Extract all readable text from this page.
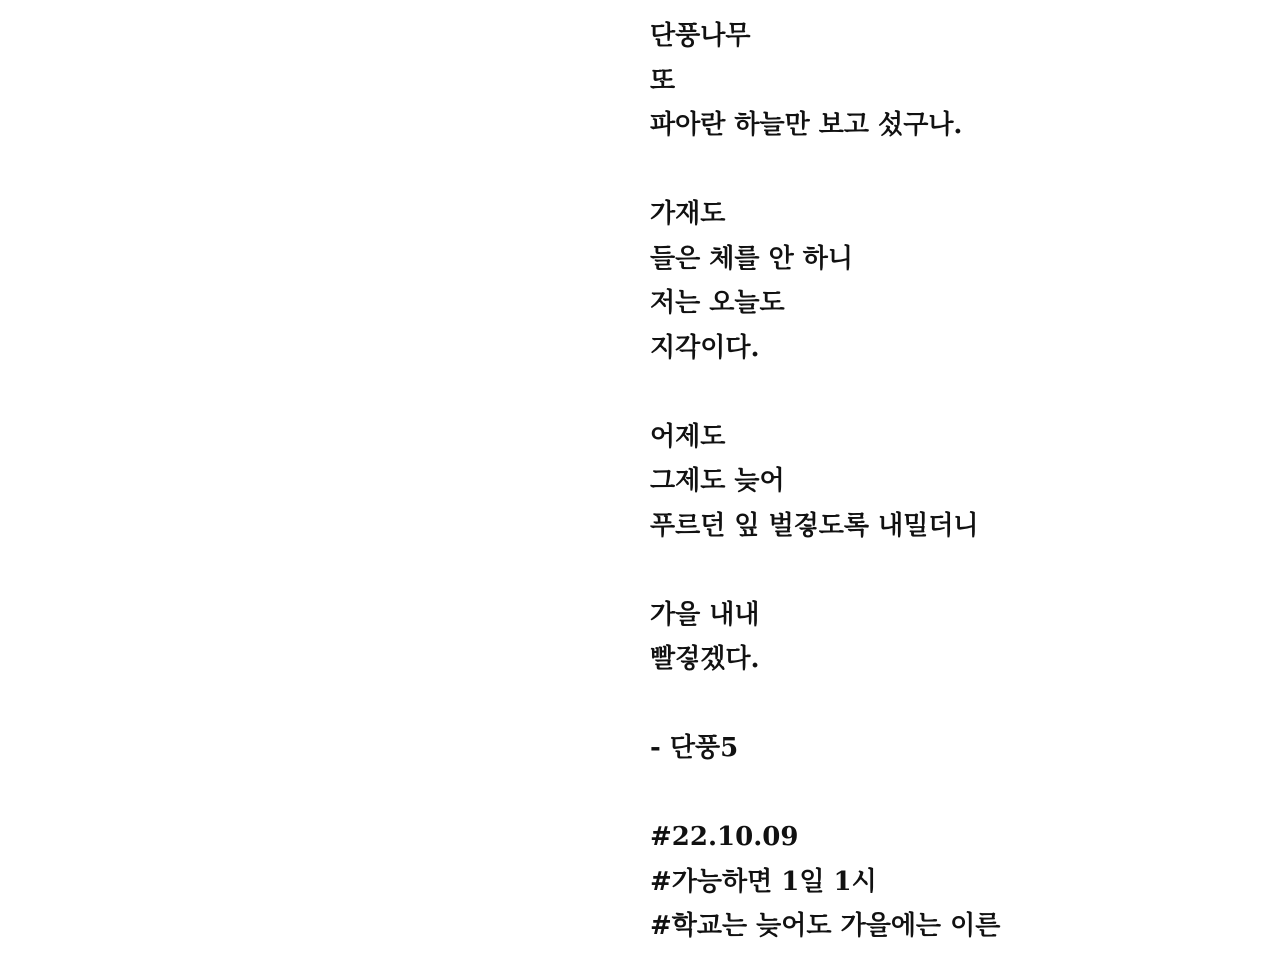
단풍나무
또
파아란 하늘만 보고 섰구나.
가재도
들은 체를 안 하니
저는 오늘도
지각이다.
어제도
그제도 늦어
푸르던 잎 벌겋도록 내밀더니
가을 내내
빨겋겠다.
- 단풍5
#22.10.09
#가능하면 1일 1시
#학교는 늦어도 가을에는 이른
